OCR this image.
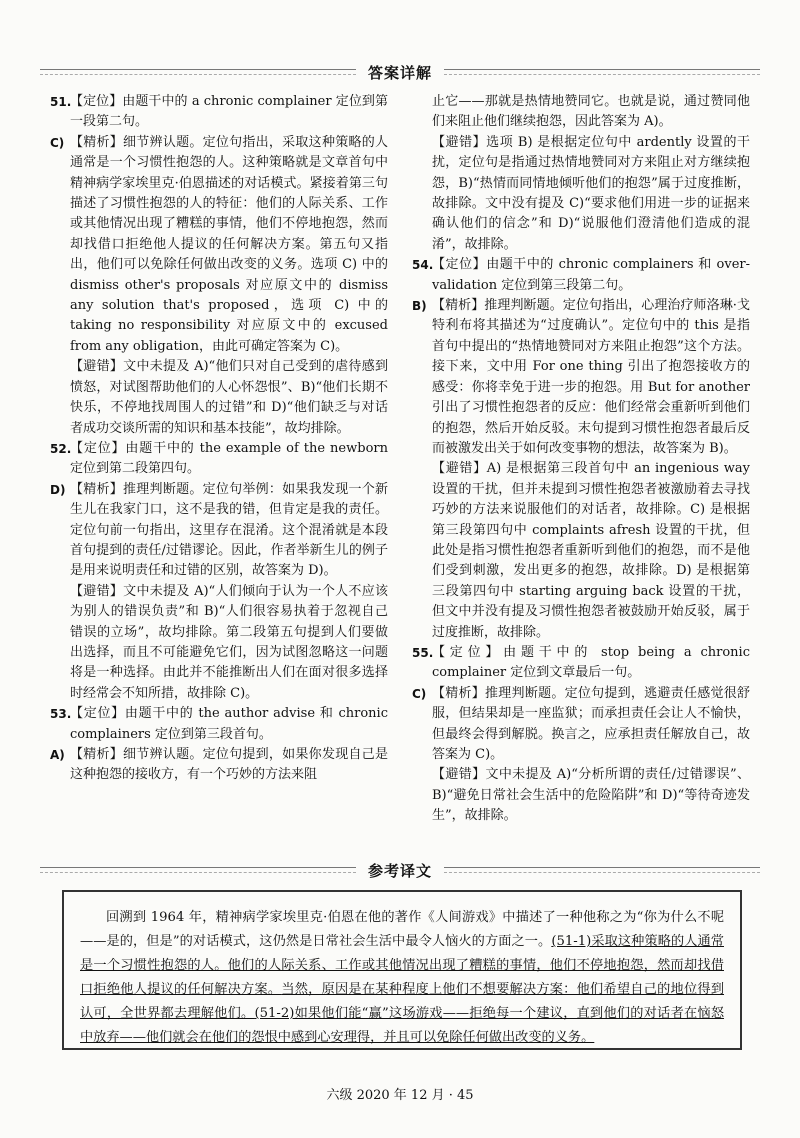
答案详解
51.
【定位】由题干中的 a chronic complainer 定位到第一段第二句。
C) 【精析】细节辨认题。定位句指出，采取这种策略的人通常是一个习惯性抱怨的人。这种策略就是文章首句中精神病学家埃里克·伯恩描述的对话模式。紧接着第三句描述了习惯性抱怨的人的特征：他们的人际关系、工作或其他情况出现了糟糕的事情，他们不停地抱怨，然而却找借口拒绝他人提议的任何解决方案。第五句又指出，他们可以免除任何做出改变的义务。选项 C) 中的 dismiss other's proposals 对应原文中的 dismiss any solution that's proposed，选项 C) 中的 taking no responsibility 对应原文中的 excused from any obligation，由此可确定答案为 C)。
【避错】文中未提及 A)“他们只对自己受到的虐待感到愤怒，对试图帮助他们的人心怀怨恨”、B)“他们长期不快乐，不停地找周围人的过错”和 D)“他们缺乏与对话者成功交谈所需的知识和基本技能”，故均排除。
52.
【定位】由题干中的 the example of the newborn 定位到第二段第四句。
D) 【精析】推理判断题。定位句举例：如果我发现一个新生儿在我家门口，这不是我的错，但肯定是我的责任。定位句前一句指出，这里存在混淆。这个混淆就是本段首句提到的责任/过错谬论。因此，作者举新生儿的例子是用来说明责任和过错的区别，故答案为 D)。
【避错】文中未提及 A)“人们倾向于认为一个人不应该为别人的错误负责”和 B)“人们很容易执着于忽视自己错误的立场”，故均排除。第二段第五句提到人们要做出选择，而且不可能避免它们，因为试图忽略这一问题将是一种选择。由此并不能推断出人们在面对很多选择时经常会不知所措，故排除 C)。
53.
【定位】由题干中的 the author advise 和 chronic complainers 定位到第三段首句。
A) 【精析】细节辨认题。定位句提到，如果你发现自己是这种抱怨的接收方，有一个巧妙的方法来阻
止它——那就是热情地赞同它。也就是说，通过赞同他们来阻止他们继续抱怨，因此答案为 A)。
【避错】选项 B) 是根据定位句中 ardently 设置的干扰，定位句是指通过热情地赞同对方来阻止对方继续抱怨，B)“热情而同情地倾听他们的抱怨”属于过度推断，故排除。文中没有提及 C)“要求他们用进一步的证据来确认他们的信念”和 D)“说服他们澄清他们造成的混淆”，故排除。
54.
【定位】由题干中的 chronic complainers 和 over-validation 定位到第三段第二句。
B) 【精析】推理判断题。定位句指出，心理治疗师洛琳·戈特利布将其描述为“过度确认”。定位句中的 this 是指首句中提出的“热情地赞同对方来阻止抱怨”这个方法。接下来，文中用 For one thing 引出了抱怨接收方的感受：你将幸免于进一步的抱怨。用 But for another 引出了习惯性抱怨者的反应：他们经常会重新听到他们的抱怨，然后开始反驳。末句提到习惯性抱怨者最后反而被激发出关于如何改变事物的想法，故答案为 B)。
【避错】A) 是根据第三段首句中 an ingenious way 设置的干扰，但并未提到习惯性抱怨者被激励着去寻找巧妙的方法来说服他们的对话者，故排除。C) 是根据第三段第四句中 complaints afresh 设置的干扰，但此处是指习惯性抱怨者重新听到他们的抱怨，而不是他们受到刺激，发出更多的抱怨，故排除。D) 是根据第三段第四句中 starting arguing back 设置的干扰，但文中并没有提及习惯性抱怨者被鼓励开始反驳，属于过度推断，故排除。
55.
【定位】由题干中的 stop being a chronic complainer 定位到文章最后一句。
C) 【精析】推理判断题。定位句提到，逃避责任感觉很舒服，但结果却是一座监狱；而承担责任会让人不愉快，但最终会得到解脱。换言之，应承担责任解放自己，故答案为 C)。
【避错】文中未提及 A)“分析所谓的责任/过错谬误”、B)“避免日常社会生活中的危险陷阱”和 D)“等待奇迹发生”，故排除。
参考译文
回溯到 1964 年，精神病学家埃里克·伯恩在他的著作《人间游戏》中描述了一种他称之为“你为什么不呢——是的，但是”的对话模式，这仍然是日常社会生活中最令人恼火的方面之一。(51-1)采取这种策略的人通常是一个习惯性抱怨的人。他们的人际关系、工作或其他情况出现了糟糕的事情，他们不停地抱怨，然而却找借口拒绝他人提议的任何解决方案。当然，原因是在某种程度上他们不想要解决方案：他们希望自己的地位得到认可，全世界都去理解他们。(51-2)如果他们能“赢”这场游戏——拒绝每一个建议，直到他们的对话者在恼怒中放弃——他们就会在他们的怨恨中感到心安理得，并且可以免除任何做出改变的义务。
六级 2020 年 12 月 · 45
